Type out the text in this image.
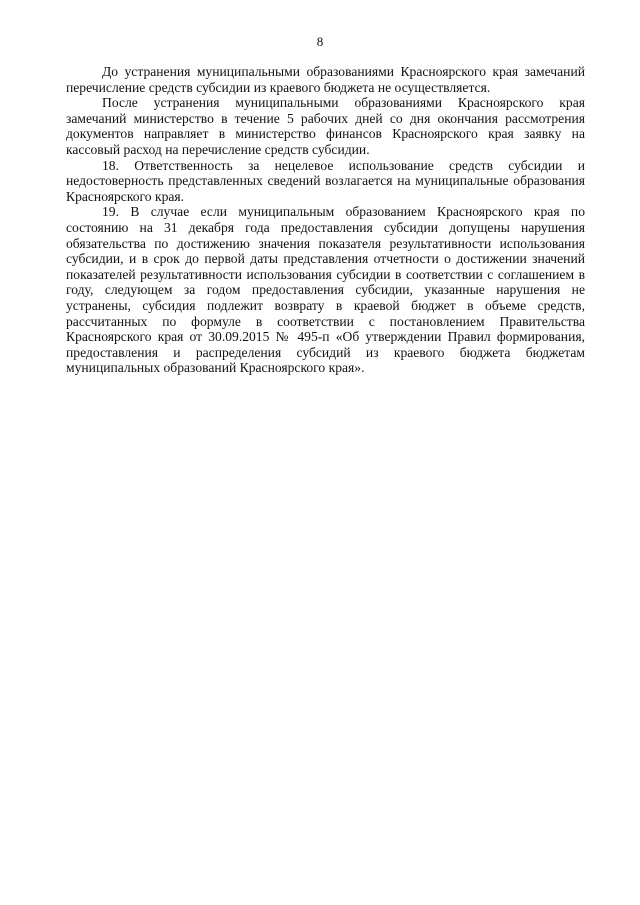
8

До устранения муниципальными образованиями Красноярского края замечаний перечисление средств субсидии из краевого бюджета не осуществляется.

После устранения муниципальными образованиями Красноярского края замечаний министерство в течение 5 рабочих дней со дня окончания рассмотрения документов направляет в министерство финансов Красноярского края заявку на кассовый расход на перечисление средств субсидии.

18. Ответственность за нецелевое использование средств субсидии и недостоверность представленных сведений возлагается на муниципальные образования Красноярского края.

19. В случае если муниципальным образованием Красноярского края по состоянию на 31 декабря года предоставления субсидии допущены нарушения обязательства по достижению значения показателя результативности использования субсидии, и в срок до первой даты представления отчетности о достижении значений показателей результативности использования субсидии в соответствии с соглашением в году, следующем за годом предоставления субсидии, указанные нарушения не устранены, субсидия подлежит возврату в краевой бюджет в объеме средств, рассчитанных по формуле в соответствии с постановлением Правительства Красноярского края от 30.09.2015 № 495-п «Об утверждении Правил формирования, предоставления и распределения субсидий из краевого бюджета бюджетам муниципальных образований Красноярского края».
